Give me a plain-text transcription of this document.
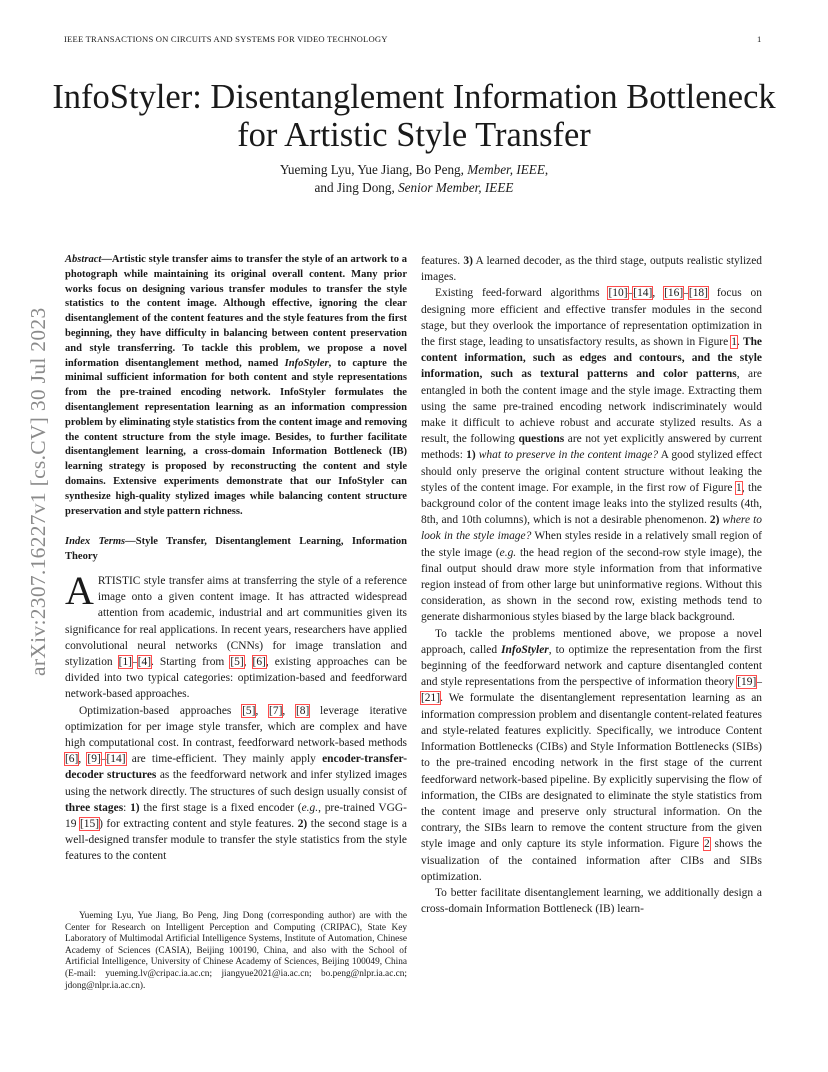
IEEE TRANSACTIONS ON CIRCUITS AND SYSTEMS FOR VIDEO TECHNOLOGY	1
InfoStyler: Disentanglement Information Bottleneck
for Artistic Style Transfer
Yueming Lyu, Yue Jiang, Bo Peng, Member, IEEE,
and Jing Dong, Senior Member, IEEE
arXiv:2307.16227v1 [cs.CV] 30 Jul 2023

Abstract—Artistic style transfer aims to transfer the style of an artwork to a photograph while maintaining its original overall content. Many prior works focus on designing various transfer modules to transfer the style statistics to the content image. Although effective, ignoring the clear disentanglement of the content features and the style features from the first beginning, they have difficulty in balancing between content preservation and style transferring. To tackle this problem, we propose a novel information disentanglement method, named InfoStyler, to capture the minimal sufficient information for both content and style representations from the pre-trained encoding network. InfoStyler formulates the disentanglement representation learning as an information compression problem by eliminating style statistics from the content image and removing the content structure from the style image. Besides, to further facilitate disentanglement learning, a cross-domain Information Bottleneck (IB) learning strategy is proposed by reconstructing the content and style domains. Extensive experiments demonstrate that our InfoStyler can synthesize high-quality stylized images while balancing content structure preservation and style pattern richness.

Index Terms—Style Transfer, Disentanglement Learning, Information Theory

ARTISTIC style transfer aims at transferring the style of a reference image onto a given content image. It has attracted widespread attention from academic, industrial and art communities given its significance for real applications. In recent years, researchers have applied convolutional neural networks (CNNs) for image translation and stylization [1]–[4]. Starting from [5], [6], existing approaches can be divided into two typical categories: optimization-based and feedforward network-based approaches.

Optimization-based approaches [5], [7], [8] leverage iterative optimization for per image style transfer, which are complex and have high computational cost. In contrast, feedforward network-based methods [6], [9]–[14] are time-efficient. They mainly apply encoder-transfer-decoder structures as the feedforward network and infer stylized images using the network directly. The structures of such design usually consist of three stages: 1) the first stage is a fixed encoder (e.g., pre-trained VGG-19 [15]) for extracting content and style features. 2) the second stage is a well-designed transfer module to transfer the style statistics from the style features to the content

Yueming Lyu, Yue Jiang, Bo Peng, Jing Dong (corresponding author) are with the Center for Research on Intelligent Perception and Computing (CRIPAC), State Key Laboratory of Multimodal Artificial Intelligence Systems, Institute of Automation, Chinese Academy of Sciences (CASIA), Beijing 100190, China, and also with the School of Artificial Intelligence, University of Chinese Academy of Sciences, Beijing 100049, China (E-mail: yueming.lv@cripac.ia.ac.cn; jiangyue2021@ia.ac.cn; bo.peng@nlpr.ia.ac.cn; jdong@nlpr.ia.ac.cn).

features. 3) A learned decoder, as the third stage, outputs realistic stylized images.

Existing feed-forward algorithms [10]–[14], [16]–[18] focus on designing more efficient and effective transfer modules in the second stage, but they overlook the importance of representation optimization in the first stage, leading to unsatisfactory results, as shown in Figure 1. The content information, such as edges and contours, and the style information, such as textural patterns and color patterns, are entangled in both the content image and the style image. Extracting them using the same pre-trained encoding network indiscriminately would make it difficult to achieve robust and accurate stylized results. As a result, the following questions are not yet explicitly answered by current methods: 1) what to preserve in the content image? A good stylized effect should only preserve the original content structure without leaking the styles of the content image. For example, in the first row of Figure 1, the background color of the content image leaks into the stylized results (4th, 8th, and 10th columns), which is not a desirable phenomenon. 2) where to look in the style image? When styles reside in a relatively small region of the style image (e.g. the head region of the second-row style image), the final output should draw more style information from that informative region instead of from other large but uninformative regions. Without this consideration, as shown in the second row, existing methods tend to generate disharmonious styles biased by the large black background.

To tackle the problems mentioned above, we propose a novel approach, called InfoStyler, to optimize the representation from the first beginning of the feedforward network and capture disentangled content and style representations from the perspective of information theory [19]–[21]. We formulate the disentanglement representation learning as an information compression problem and disentangle content-related features and style-related features explicitly. Specifically, we introduce Content Information Bottlenecks (CIBs) and Style Information Bottlenecks (SIBs) to the pre-trained encoding network in the first stage of the current feedforward network-based pipeline. By explicitly supervising the flow of information, the CIBs are designated to eliminate the style statistics from the content image and preserve only structural information. On the contrary, the SIBs learn to remove the content structure from the given style image and only capture its style information. Figure 2 shows the visualization of the contained information after CIBs and SIBs optimization.

To better facilitate disentanglement learning, we additionally design a cross-domain Information Bottleneck (IB) learn-
